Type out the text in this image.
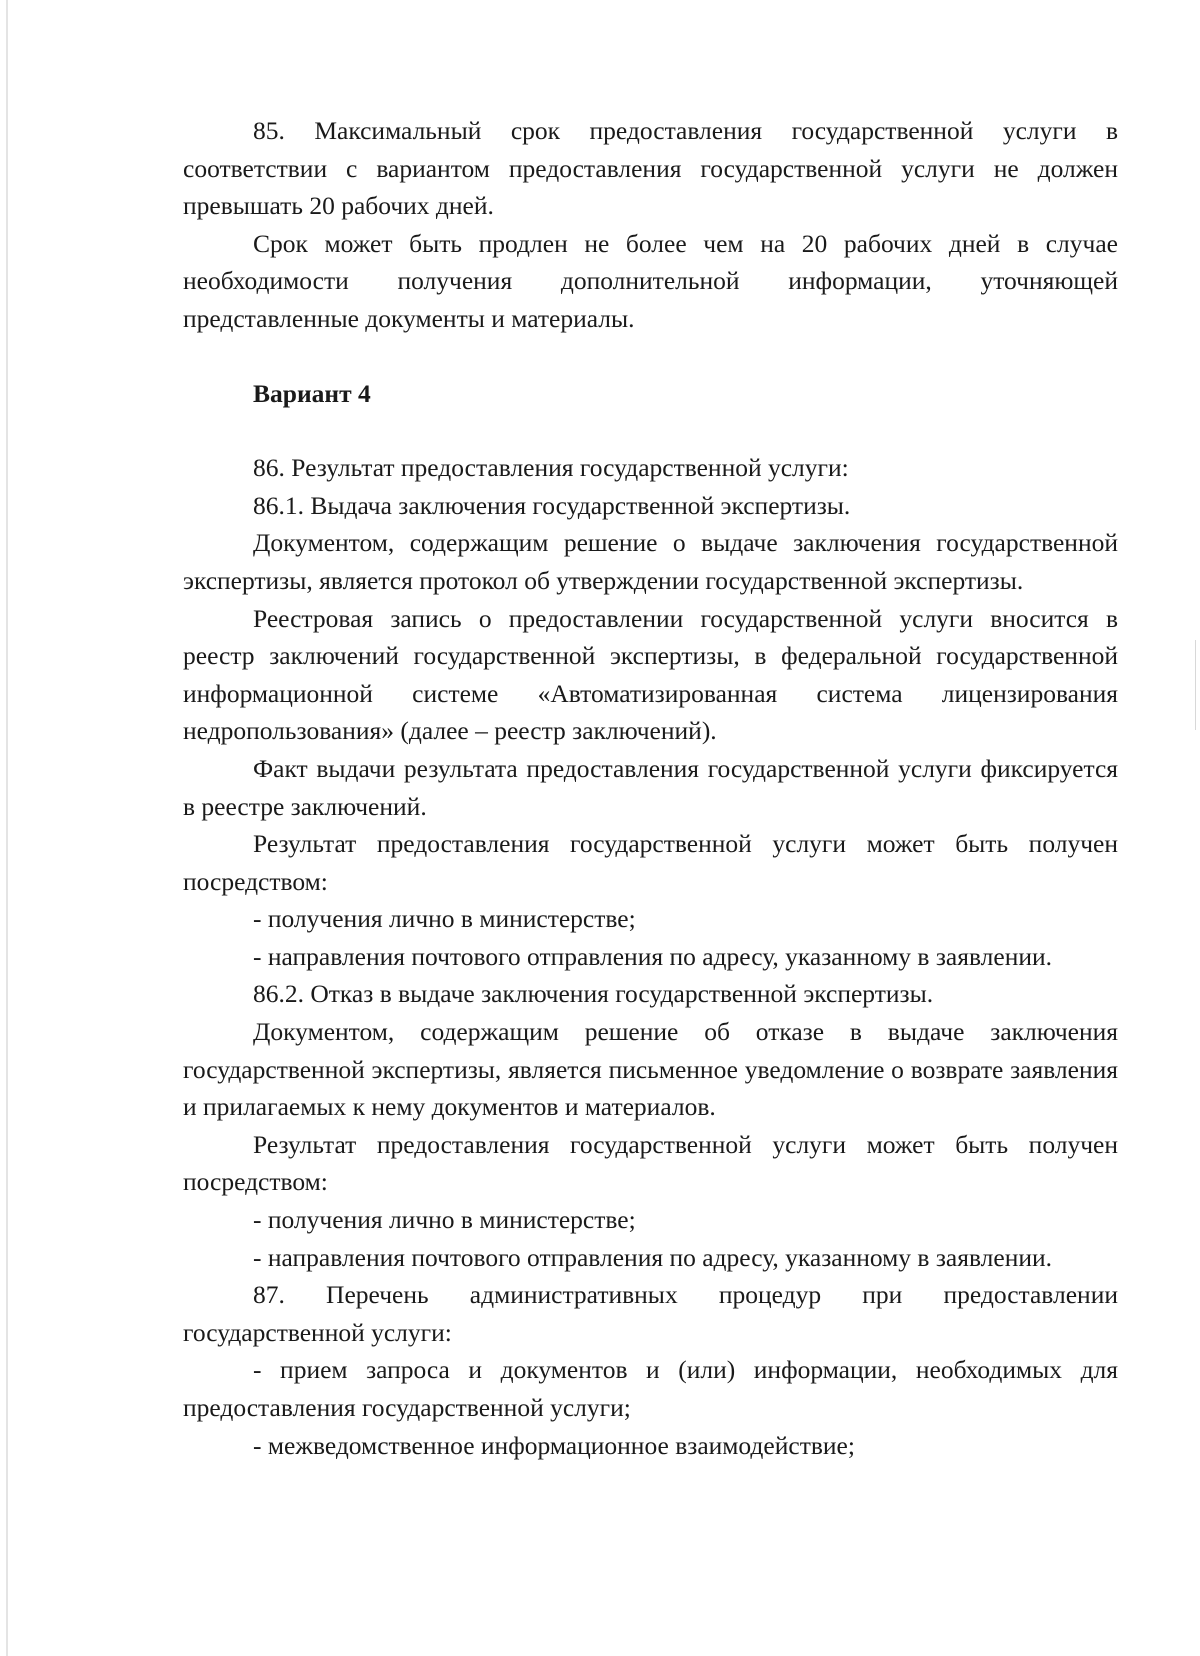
85. Максимальный срок предоставления государственной услуги в соответствии с вариантом предоставления государственной услуги не должен превышать 20 рабочих дней.

Срок может быть продлен не более чем на 20 рабочих дней в случае необходимости получения дополнительной информации, уточняющей представленные документы и материалы.

Вариант 4

86. Результат предоставления государственной услуги:

86.1. Выдача заключения государственной экспертизы.

Документом, содержащим решение о выдаче заключения государственной экспертизы, является протокол об утверждении государственной экспертизы.

Реестровая запись о предоставлении государственной услуги вносится в реестр заключений государственной экспертизы, в федеральной государственной информационной системе «Автоматизированная система лицензирования недропользования» (далее – реестр заключений).

Факт выдачи результата предоставления государственной услуги фиксируется в реестре заключений.

Результат предоставления государственной услуги может быть получен посредством:

- получения лично в министерстве;

- направления почтового отправления по адресу, указанному в заявлении.

86.2. Отказ в выдаче заключения государственной экспертизы.

Документом, содержащим решение об отказе в выдаче заключения государственной экспертизы, является письменное уведомление о возврате заявления и прилагаемых к нему документов и материалов.

Результат предоставления государственной услуги может быть получен посредством:

- получения лично в министерстве;

- направления почтового отправления по адресу, указанному в заявлении.

87. Перечень административных процедур при предоставлении государственной услуги:

- прием запроса и документов и (или) информации, необходимых для предоставления государственной услуги;

- межведомственное информационное взаимодействие;
